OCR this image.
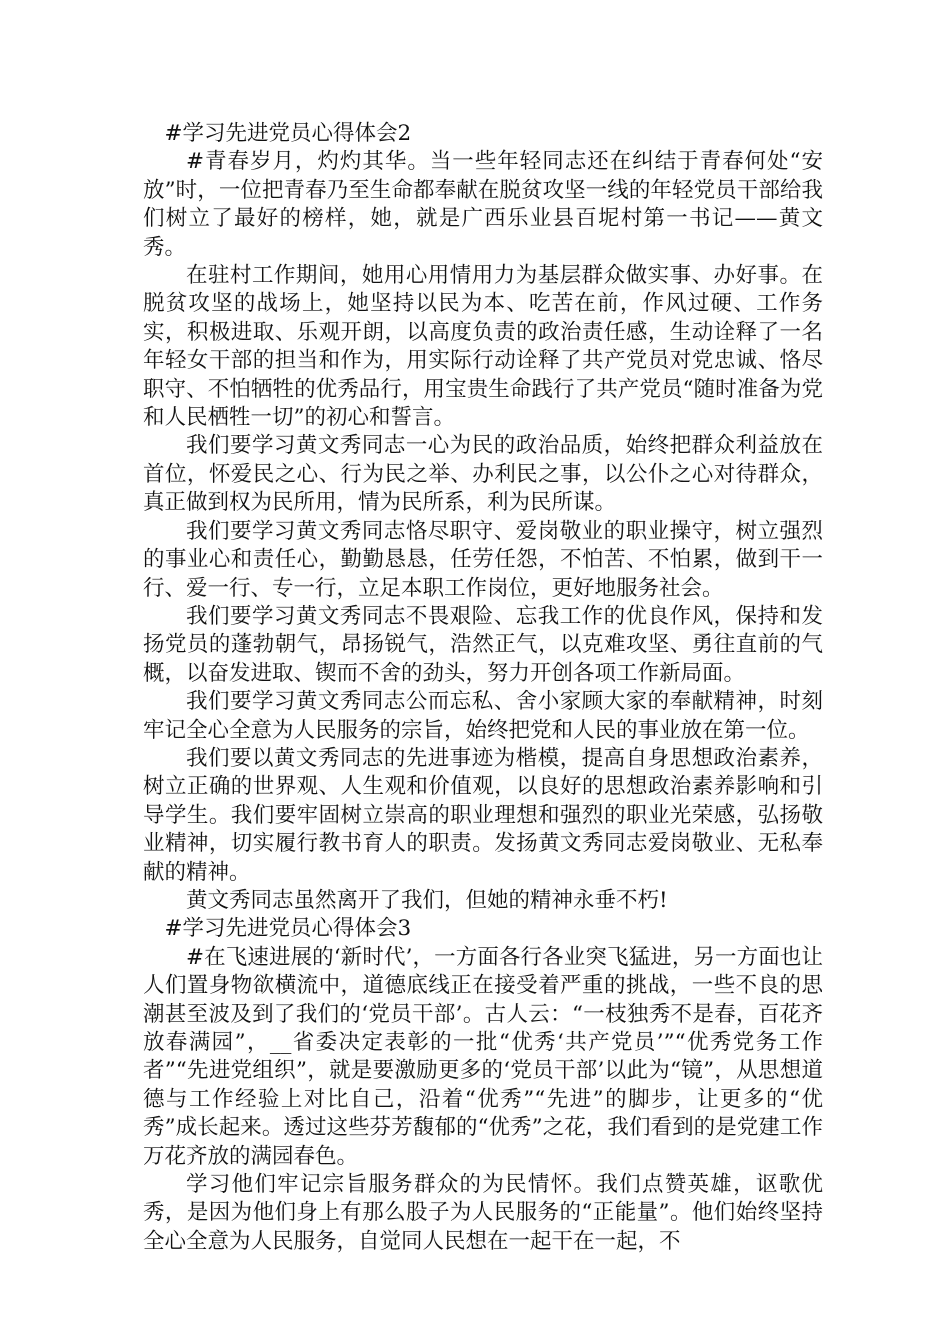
#学习先进党员心得体会2

#青春岁月，灼灼其华。当一些年轻同志还在纠结于青春何处“安放”时，一位把青春乃至生命都奉献在脱贫攻坚一线的年轻党员干部给我们树立了最好的榜样，她，就是广西乐业县百坭村第一书记——黄文秀。

在驻村工作期间，她用心用情用力为基层群众做实事、办好事。在脱贫攻坚的战场上，她坚持以民为本、吃苦在前，作风过硬、工作务实，积极进取、乐观开朗，以高度负责的政治责任感，生动诠释了一名年轻女干部的担当和作为，用实际行动诠释了共产党员对党忠诚、恪尽职守、不怕牺牲的优秀品行，用宝贵生命践行了共产党员“随时准备为党和人民栖牲一切”的初心和誓言。

我们要学习黄文秀同志一心为民的政治品质，始终把群众利益放在首位，怀爱民之心、行为民之举、办利民之事，以公仆之心对待群众，真正做到权为民所用，情为民所系，利为民所谋。

我们要学习黄文秀同志恪尽职守、爱岗敬业的职业操守，树立强烈的事业心和责任心，勤勤恳恳，任劳任怨，不怕苦、不怕累，做到干一行、爱一行、专一行，立足本职工作岗位，更好地服务社会。

我们要学习黄文秀同志不畏艰险、忘我工作的优良作风，保持和发扬党员的蓬勃朝气，昂扬锐气，浩然正气，以克难攻坚、勇往直前的气概，以奋发进取、锲而不舍的劲头，努力开创各项工作新局面。

我们要学习黄文秀同志公而忘私、舍小家顾大家的奉献精神，时刻牢记全心全意为人民服务的宗旨，始终把党和人民的事业放在第一位。

我们要以黄文秀同志的先进事迹为楷模，提高自身思想政治素养，树立正确的世界观、人生观和价值观，以良好的思想政治素养影响和引导学生。我们要牢固树立崇高的职业理想和强烈的职业光荣感，弘扬敬业精神，切实履行教书育人的职责。发扬黄文秀同志爱岗敬业、无私奉献的精神。

黄文秀同志虽然离开了我们，但她的精神永垂不朽!

#学习先进党员心得体会3

#在飞速进展的‘新时代’，一方面各行各业突飞猛进，另一方面也让人们置身物欲横流中，道德底线正在接受着严重的挑战，一些不良的思潮甚至波及到了我们的‘党员干部’。古人云：“一枝独秀不是春，百花齐放春满园”，__省委决定表彰的一批“优秀‘共产党员’”“优秀党务工作者”“先进党组织”，就是要激励更多的‘党员干部’以此为“镜”，从思想道德与工作经验上对比自己，沿着“优秀”“先进”的脚步，让更多的“优秀”成长起来。透过这些芬芳馥郁的“优秀”之花，我们看到的是党建工作万花齐放的满园春色。

学习他们牢记宗旨服务群众的为民情怀。我们点赞英雄，讴歌优秀，是因为他们身上有那么股子为人民服务的“正能量”。他们始终坚持全心全意为人民服务，自觉同人民想在一起干在一起，不
